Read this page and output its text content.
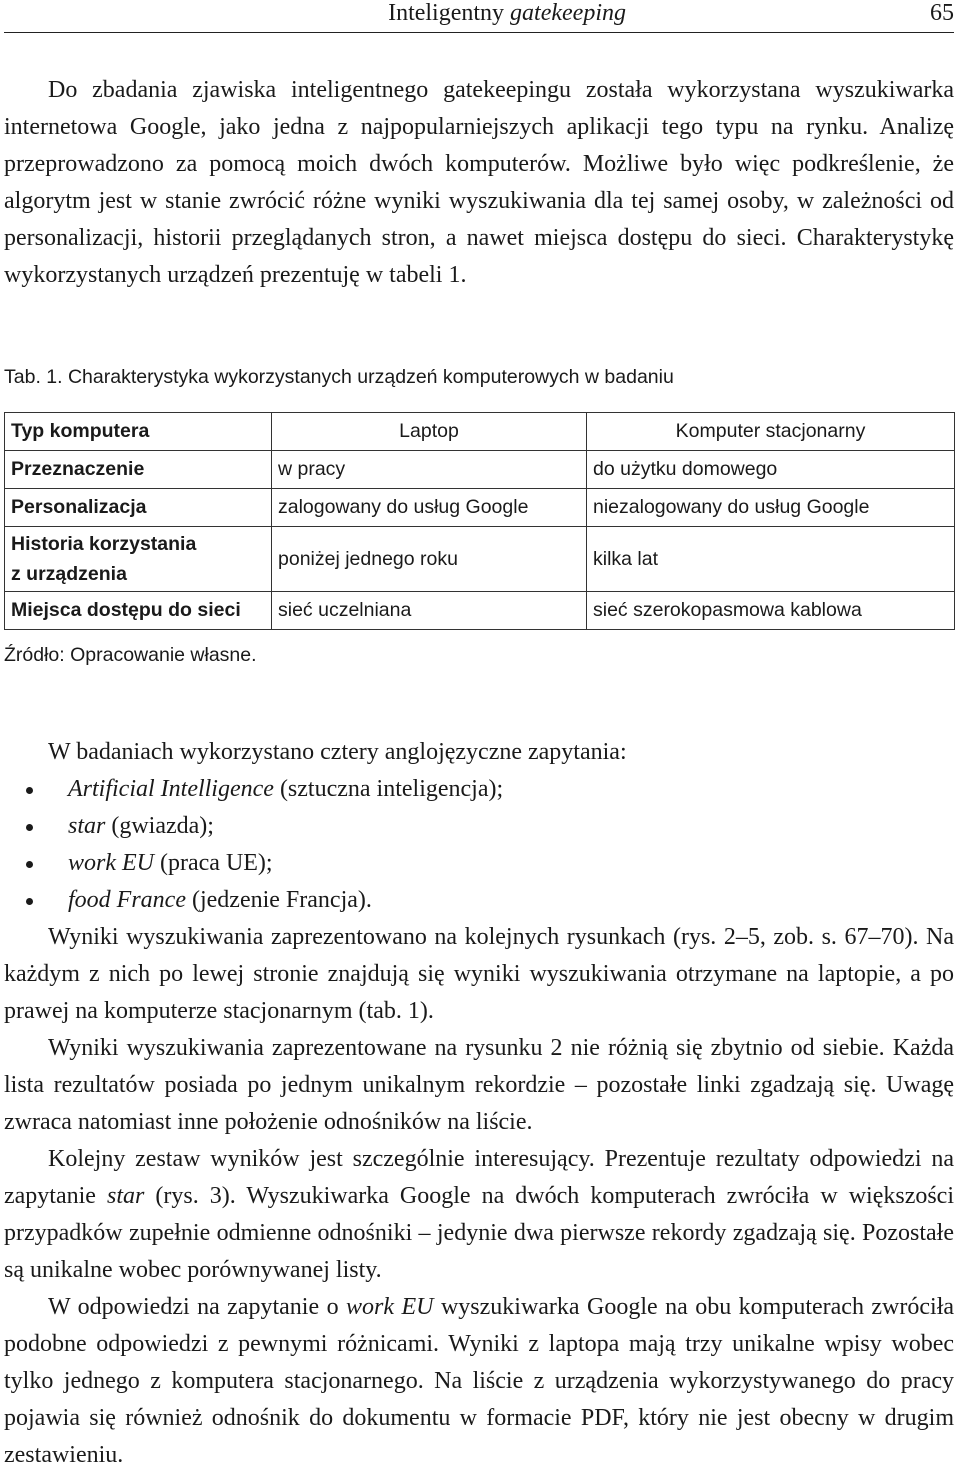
Inteligentny gatekeeping	65

Do zbadania zjawiska inteligentnego gatekeepingu została wykorzystana wyszukiwarka internetowa Google, jako jedna z najpopularniejszych aplikacji tego typu na rynku. Analizę przeprowadzono za pomocą moich dwóch komputerów. Możliwe było więc podkreślenie, że algorytm jest w stanie zwrócić różne wyniki wyszukiwania dla tej samej osoby, w zależności od personalizacji, historii przeglądanych stron, a nawet miejsca dostępu do sieci. Charakterystykę wykorzystanych urządzeń prezentuję w tabeli 1.

Tab. 1. Charakterystyka wykorzystanych urządzeń komputerowych w badaniu
Typ komputera	Laptop	Komputer stacjonarny
Przeznaczenie	w pracy	do użytku domowego
Personalizacja	zalogowany do usług Google	niezalogowany do usług Google
Historia korzystania
z urządzenia	poniżej jednego roku	kilka lat
Miejsca dostępu do sieci	sieć uczelniana	sieć szerokopasmowa kablowa
Źródło: Opracowanie własne.

W badaniach wykorzystano cztery anglojęzyczne zapytania:

Artificial Intelligence (sztuczna inteligencja);
star (gwiazda);
work EU (praca UE);
food France (jedzenie Francja).

Wyniki wyszukiwania zaprezentowano na kolejnych rysunkach (rys. 2–5, zob. s. 67–70). Na każdym z nich po lewej stronie znajdują się wyniki wyszukiwania otrzymane na laptopie, a po prawej na komputerze stacjonarnym (tab. 1).

Wyniki wyszukiwania zaprezentowane na rysunku 2 nie różnią się zbytnio od siebie. Każda lista rezultatów posiada po jednym unikalnym rekordzie – pozostałe linki zgadzają się. Uwagę zwraca natomiast inne położenie odnośników na liście.

Kolejny zestaw wyników jest szczególnie interesujący. Prezentuje rezultaty odpowiedzi na zapytanie star (rys. 3). Wyszukiwarka Google na dwóch komputerach zwróciła w większości przypadków zupełnie odmienne odnośniki – jedynie dwa pierwsze rekordy zgadzają się. Pozostałe są unikalne wobec porównywanej listy.

W odpowiedzi na zapytanie o work EU wyszukiwarka Google na obu komputerach zwróciła podobne odpowiedzi z pewnymi różnicami. Wyniki z laptopa mają trzy unikalne wpisy wobec tylko jednego z komputera stacjonarnego. Na liście z urządzenia wykorzystywanego do pracy pojawia się również odnośnik do dokumentu w formacie PDF, który nie jest obecny w drugim zestawieniu.
